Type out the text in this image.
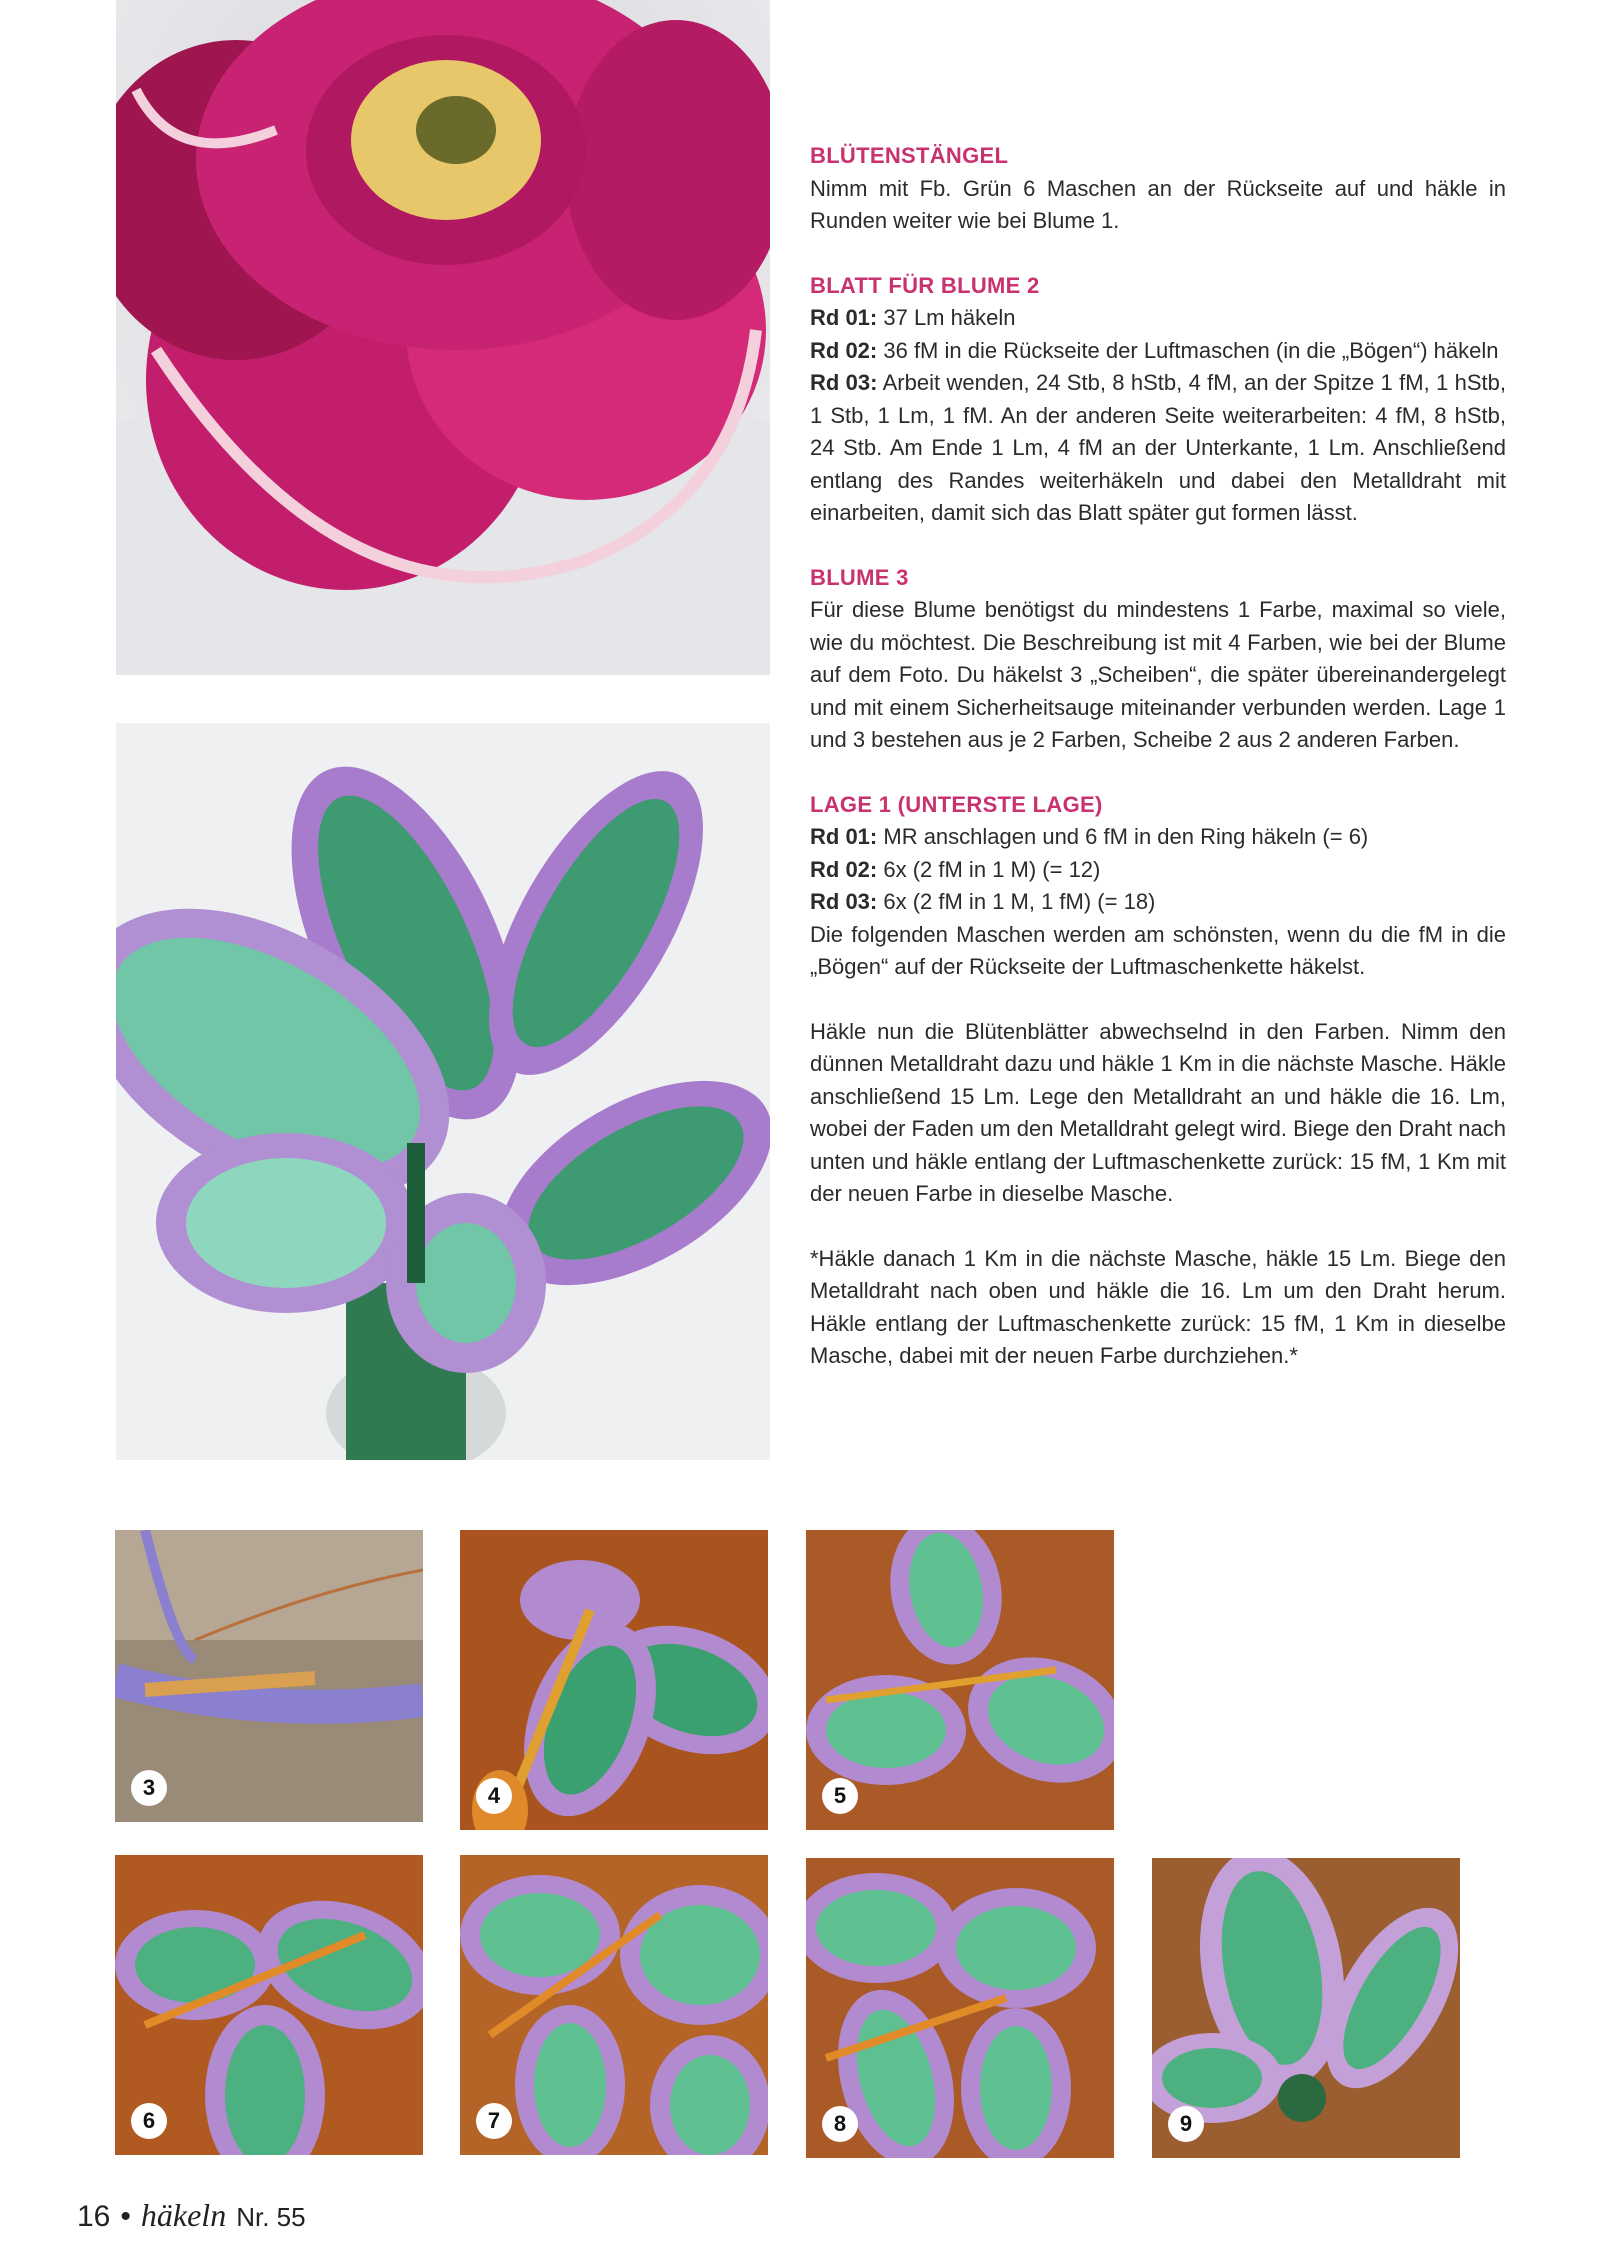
BLÜTENSTÄNGEL

Nimm mit Fb. Grün 6 Maschen an der Rückseite auf und häkle in Runden weiter wie bei Blume 1.

BLATT FÜR BLUME 2

Rd 01: 37 Lm häkeln

Rd 02: 36 fM in die Rückseite der Luftmaschen (in die „Bögen“) häkeln

Rd 03: Arbeit wenden, 24 Stb, 8 hStb, 4 fM, an der Spitze 1 fM, 1 hStb, 1 Stb, 1 Lm, 1 fM. An der anderen Seite weiterarbeiten: 4 fM, 8 hStb, 24 Stb. Am Ende 1 Lm, 4 fM an der Unterkante, 1 Lm. Anschließend entlang des Randes weiterhäkeln und dabei den Metalldraht mit einarbeiten, damit sich das Blatt später gut formen lässt.

BLUME 3

Für diese Blume benötigst du mindestens 1 Farbe, maximal so viele, wie du möchtest. Die Beschreibung ist mit 4 Farben, wie bei der Blume auf dem Foto. Du häkelst 3 „Scheiben“, die später übereinandergelegt und mit einem Sicherheitsauge miteinander verbunden werden. Lage 1 und 3 bestehen aus je 2 Farben, Scheibe 2 aus 2 anderen Farben.

LAGE 1 (UNTERSTE LAGE)

Rd 01: MR anschlagen und 6 fM in den Ring häkeln (= 6)

Rd 02: 6x (2 fM in 1 M) (= 12)

Rd 03: 6x (2 fM in 1 M, 1 fM) (= 18)

Die folgenden Maschen werden am schönsten, wenn du die fM in die „Bögen“ auf der Rückseite der Luftmaschenkette häkelst.

Häkle nun die Blütenblätter abwechselnd in den Farben. Nimm den dünnen Metalldraht dazu und häkle 1 Km in die nächste Masche. Häkle anschließend 15 Lm. Lege den Metalldraht an und häkle die 16. Lm, wobei der Faden um den Metalldraht gelegt wird. Biege den Draht nach unten und häkle entlang der Luftmaschenkette zurück: 15 fM, 1 Km mit der neuen Farbe in dieselbe Masche.

*Häkle danach 1 Km in die nächste Masche, häkle 15 Lm. Biege den Metalldraht nach oben und häkle die 16. Lm um den Draht herum. Häkle entlang der Luftmaschenkette zurück: 15 fM, 1 Km in dieselbe Masche, dabei mit der neuen Farbe durchziehen.*

3	4	5
6	7	8	9
16 • häkeln Nr. 55
